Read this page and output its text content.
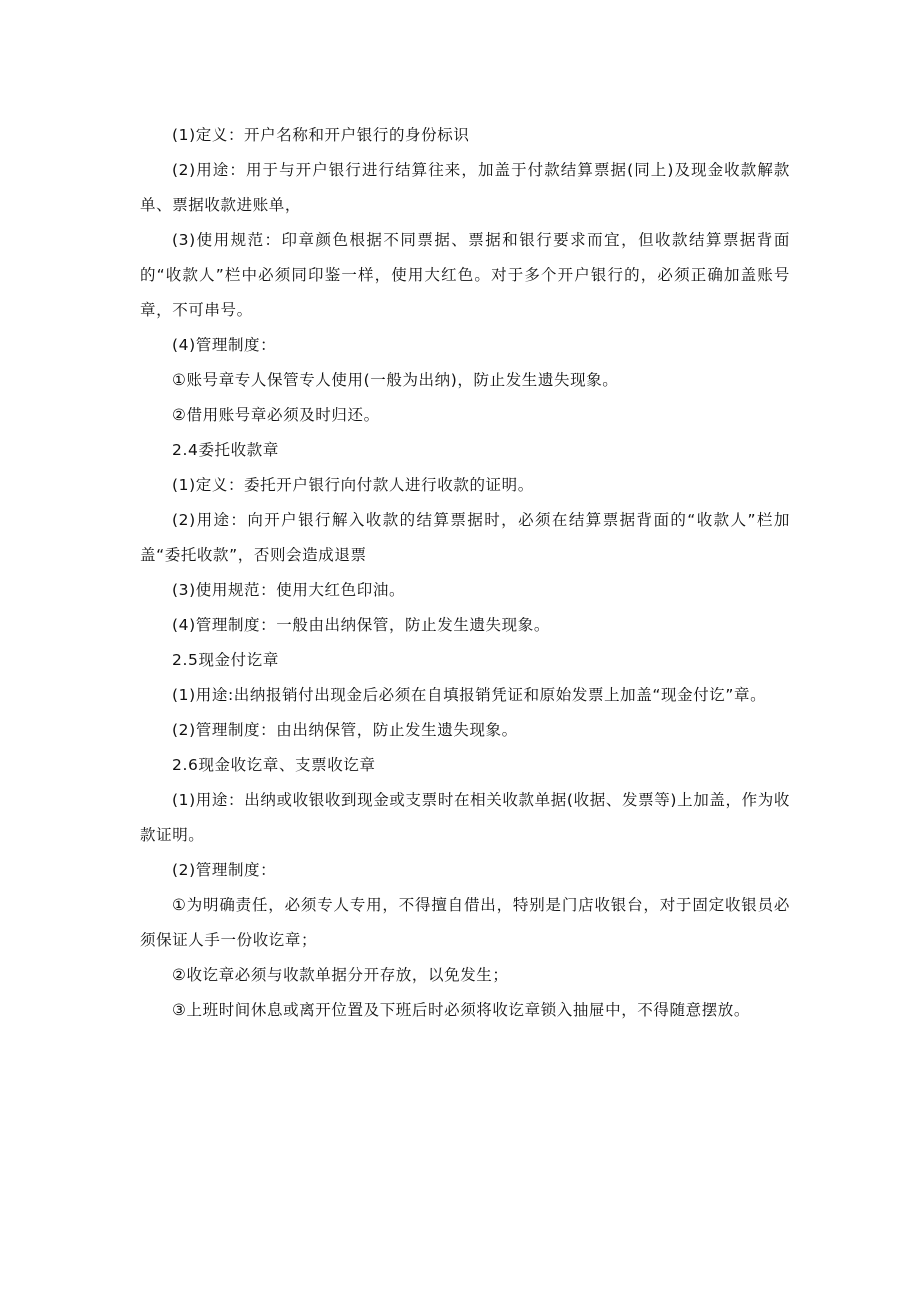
(1)定义：开户名称和开户银行的身份标识

(2)用途：用于与开户银行进行结算往来，加盖于付款结算票据(同上)及现金收款解款单、票据收款进账单，

(3)使用规范：印章颜色根据不同票据、票据和银行要求而宜，但收款结算票据背面的“收款人”栏中必须同印鉴一样，使用大红色。对于多个开户银行的，必须正确加盖账号章，不可串号。

(4)管理制度：

①账号章专人保管专人使用(一般为出纳)，防止发生遗失现象。

②借用账号章必须及时归还。

2.4委托收款章

(1)定义：委托开户银行向付款人进行收款的证明。

(2)用途：向开户银行解入收款的结算票据时，必须在结算票据背面的“收款人”栏加盖“委托收款”，否则会造成退票

(3)使用规范：使用大红色印油。

(4)管理制度：一般由出纳保管，防止发生遗失现象。

2.5现金付讫章

(1)用途:出纳报销付出现金后必须在自填报销凭证和原始发票上加盖“现金付讫”章。

(2)管理制度：由出纳保管，防止发生遗失现象。

2.6现金收讫章、支票收讫章

(1)用途：出纳或收银收到现金或支票时在相关收款单据(收据、发票等)上加盖，作为收款证明。

(2)管理制度：

①为明确责任，必须专人专用，不得擅自借出，特别是门店收银台，对于固定收银员必须保证人手一份收讫章；

②收讫章必须与收款单据分开存放，以免发生；

③上班时间休息或离开位置及下班后时必须将收讫章锁入抽屉中，不得随意摆放。
